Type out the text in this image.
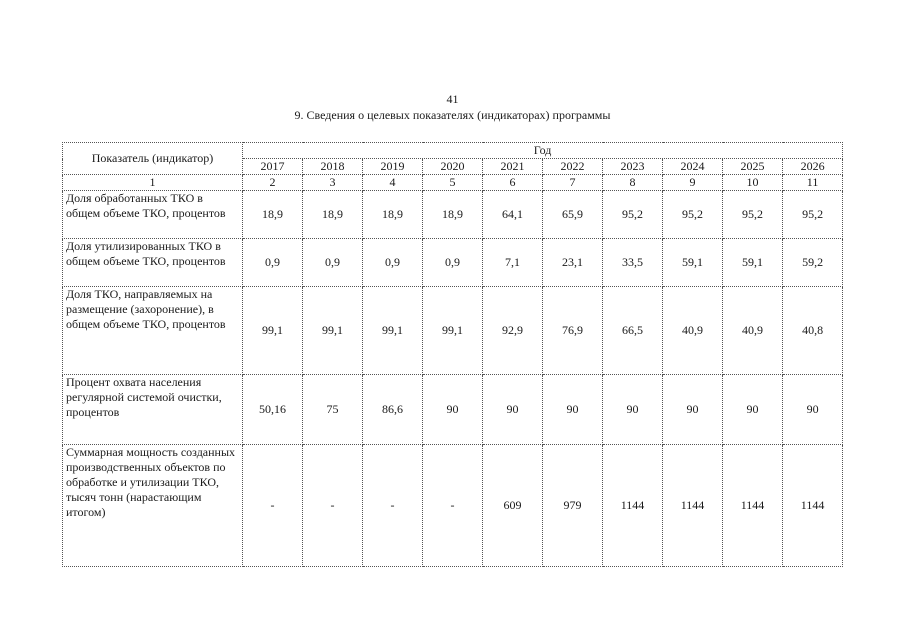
41
9. Сведения о целевых показателях (индикаторах) программы
Показатель (индикатор)	Год									
	2017	2018	2019	2020	2021	2022	2023	2024	2025	2026
1	2	3	4	5	6	7	8	9	10	11
Доля обработанных ТКО в общем объеме ТКО, процентов	18,9	18,9	18,9	18,9	64,1	65,9	95,2	95,2	95,2	95,2
Доля утилизированных ТКО в общем объеме ТКО, процентов	0,9	0,9	0,9	0,9	7,1	23,1	33,5	59,1	59,1	59,2
Доля ТКО, направляемых на размещение (захоронение), в общем объеме ТКО, процентов	99,1	99,1	99,1	99,1	92,9	76,9	66,5	40,9	40,9	40,8
Процент охвата населения регулярной системой очистки, процентов	50,16	75	86,6	90	90	90	90	90	90	90
Суммарная мощность созданных производственных объектов по обработке и утилизации ТКО, тысяч тонн (нарастающим итогом)	-	-	-	-	609	979	1144	1144	1144	1144
